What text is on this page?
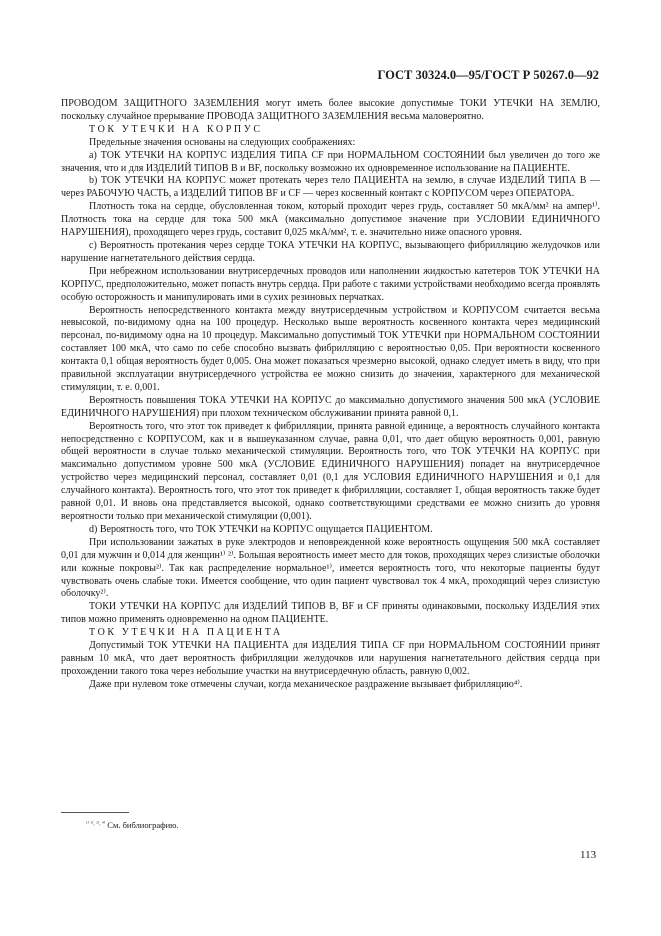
ГОСТ 30324.0—95/ГОСТ Р 50267.0—92

ПРОВОДОМ ЗАЩИТНОГО ЗАЗЕМЛЕНИЯ могут иметь более высокие допустимые ТОКИ УТЕЧКИ НА ЗЕМЛЮ, поскольку случайное прерывание ПРОВОДА ЗАЩИТНОГО ЗАЗЕМЛЕНИЯ весьма маловероятно.

ТОК УТЕЧКИ НА КОРПУС

Предельные значения основаны на следующих соображениях:

а) ТОК УТЕЧКИ НА КОРПУС ИЗДЕЛИЯ ТИПА CF при НОРМАЛЬНОМ СОСТОЯНИИ был увеличен до того же значения, что и для ИЗДЕЛИЙ ТИПОВ В и BF, поскольку возможно их одновременное использование на ПАЦИЕНТЕ.

b) ТОК УТЕЧКИ НА КОРПУС может протекать через тело ПАЦИЕНТА на землю, в случае ИЗДЕЛИЙ ТИПА В — через РАБОЧУЮ ЧАСТЬ, а ИЗДЕЛИЙ ТИПОВ BF и CF — через косвенный контакт с КОРПУСОМ через ОПЕРАТОРА.

Плотность тока на сердце, обусловленная током, который проходит через грудь, составляет 50 мкА/мм² на ампер¹⁾. Плотность тока на сердце для тока 500 мкА (максимально допустимое значение при УСЛОВИИ ЕДИНИЧНОГО НАРУШЕНИЯ), проходящего через грудь, составит 0,025 мкА/мм², т. е. значительно ниже опасного уровня.

с) Вероятность протекания через сердце ТОКА УТЕЧКИ НА КОРПУС, вызывающего фибрилляцию желудочков или нарушение нагнетательного действия сердца.

При небрежном использовании внутрисердечных проводов или наполнении жидкостью катетеров ТОК УТЕЧКИ НА КОРПУС, предположительно, может попасть внутрь сердца. При работе с такими устройствами необходимо всегда проявлять особую осторожность и манипулировать ими в сухих резиновых перчатках.

Вероятность непосредственного контакта между внутрисердечным устройством и КОРПУСОМ считается весьма невысокой, по-видимому одна на 100 процедур. Несколько выше вероятность косвенного контакта через медицинский персонал, по-видимому одна на 10 процедур. Максимально допустимый ТОК УТЕЧКИ при НОРМАЛЬНОМ СОСТОЯНИИ составляет 100 мкА, что само по себе способно вызвать фибрилляцию с вероятностью 0,05. При вероятности косвенного контакта 0,1 общая вероятность будет 0,005. Она может показаться чрезмерно высокой, однако следует иметь в виду, что при правильной эксплуатации внутрисердечного устройства ее можно снизить до значения, характерного для механической стимуляции, т. е. 0,001.

Вероятность повышения ТОКА УТЕЧКИ НА КОРПУС до максимально допустимого значения 500 мкА (УСЛОВИЕ ЕДИНИЧНОГО НАРУШЕНИЯ) при плохом техническом обслуживании принята равной 0,1.

Вероятность того, что этот ток приведет к фибрилляции, принята равной единице, а вероятность случайного контакта непосредственно с КОРПУСОМ, как и в вышеуказанном случае, равна 0,01, что дает общую вероятность 0,001, равную общей вероятности в случае только механической стимуляции. Вероятность того, что ТОК УТЕЧКИ НА КОРПУС при максимально допустимом уровне 500 мкА (УСЛОВИЕ ЕДИНИЧНОГО НАРУШЕНИЯ) попадет на внутрисердечное устройство через медицинский персонал, составляет 0,01 (0,1 для УСЛОВИЯ ЕДИНИЧНОГО НАРУШЕНИЯ и 0,1 для случайного контакта). Вероятность того, что этот ток приведет к фибрилляции, составляет 1, общая вероятность также будет равной 0,01. И вновь она представляется высокой, однако соответствующими средствами ее можно снизить до уровня вероятности только при механической стимуляции (0,001).

d) Вероятность того, что ТОК УТЕЧКИ на КОРПУС ощущается ПАЦИЕНТОМ.

При использовании зажатых в руке электродов и неповрежденной коже вероятность ощущения 500 мкА составляет 0,01 для мужчин и 0,014 для женщин¹⁾ ²⁾. Большая вероятность имеет место для токов, проходящих через слизистые оболочки или кожные покровы²⁾. Так как распределение нормальное¹⁾, имеется вероятность того, что некоторые пациенты будут чувствовать очень слабые токи. Имеется сообщение, что один пациент чувствовал ток 4 мкА, проходящий через слизистую оболочку²⁾.

ТОКИ УТЕЧКИ НА КОРПУС для ИЗДЕЛИЙ ТИПОВ В, BF и CF приняты одинаковыми, поскольку ИЗДЕЛИЯ этих типов можно применять одновременно на одном ПАЦИЕНТЕ.

ТОК УТЕЧКИ НА ПАЦИЕНТА

Допустимый ТОК УТЕЧКИ НА ПАЦИЕНТА для ИЗДЕЛИЯ ТИПА CF при НОРМАЛЬНОМ СОСТОЯНИИ принят равным 10 мкА, что дает вероятность фибрилляции желудочков или нарушения нагнетательного действия сердца при прохождении такого тока через небольшие участки на внутрисердечную область, равную 0,002.

Даже при нулевом токе отмечены случаи, когда механическое раздражение вызывает фибрилляцию⁴⁾.

$^{^{1)} ^{1)}, ^{2)}, ^{4)}}$ См. библиографию.
113
